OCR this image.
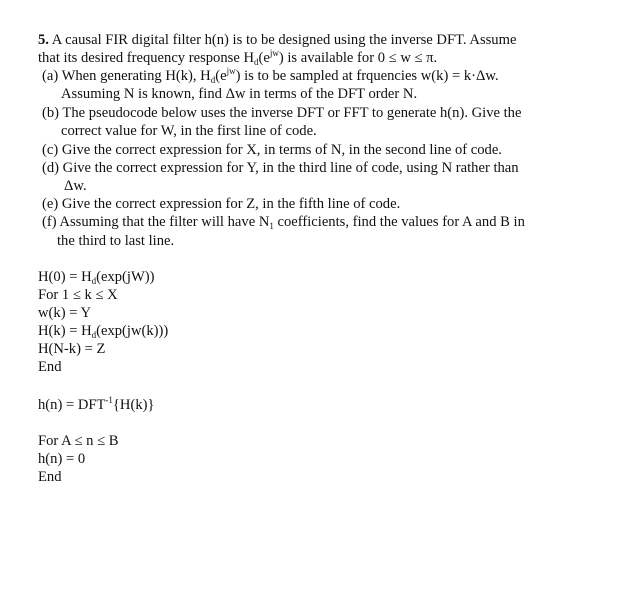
5. A causal FIR digital filter h(n) is to be designed using the inverse DFT. Assume
that its desired frequency response $H_d(e^{jw})$ is available for 0 ≤ w ≤ π.
(a) When generating H(k), $H_d(e^{jw})$ is to be sampled at frquencies w(k) = k·Δw.
Assuming N is known, find Δw in terms of the DFT order N.
(b) The pseudocode below uses the inverse DFT or FFT to generate h(n). Give the
correct value for W, in the first line of code.
(c) Give the correct expression for X, in terms of N, in the second line of code.
(d) Give the correct expression for Y, in the third line of code, using N rather than
Δw.
(e) Give the correct expression for Z, in the fifth line of code.
(f) Assuming that the filter will have $N_1$ coefficients, find the values for A and B in
the third to last line.
$H(0) = H_d(\exp(jW))$
For 1 ≤ k ≤ X
w(k) = Y
$H(k) = H_d(\exp(jw(k)))$
H(N-k) = Z
End
$h(n) = DFT^{-1}\{H(k)\}$
For A ≤ n ≤ B
h(n) = 0
End
